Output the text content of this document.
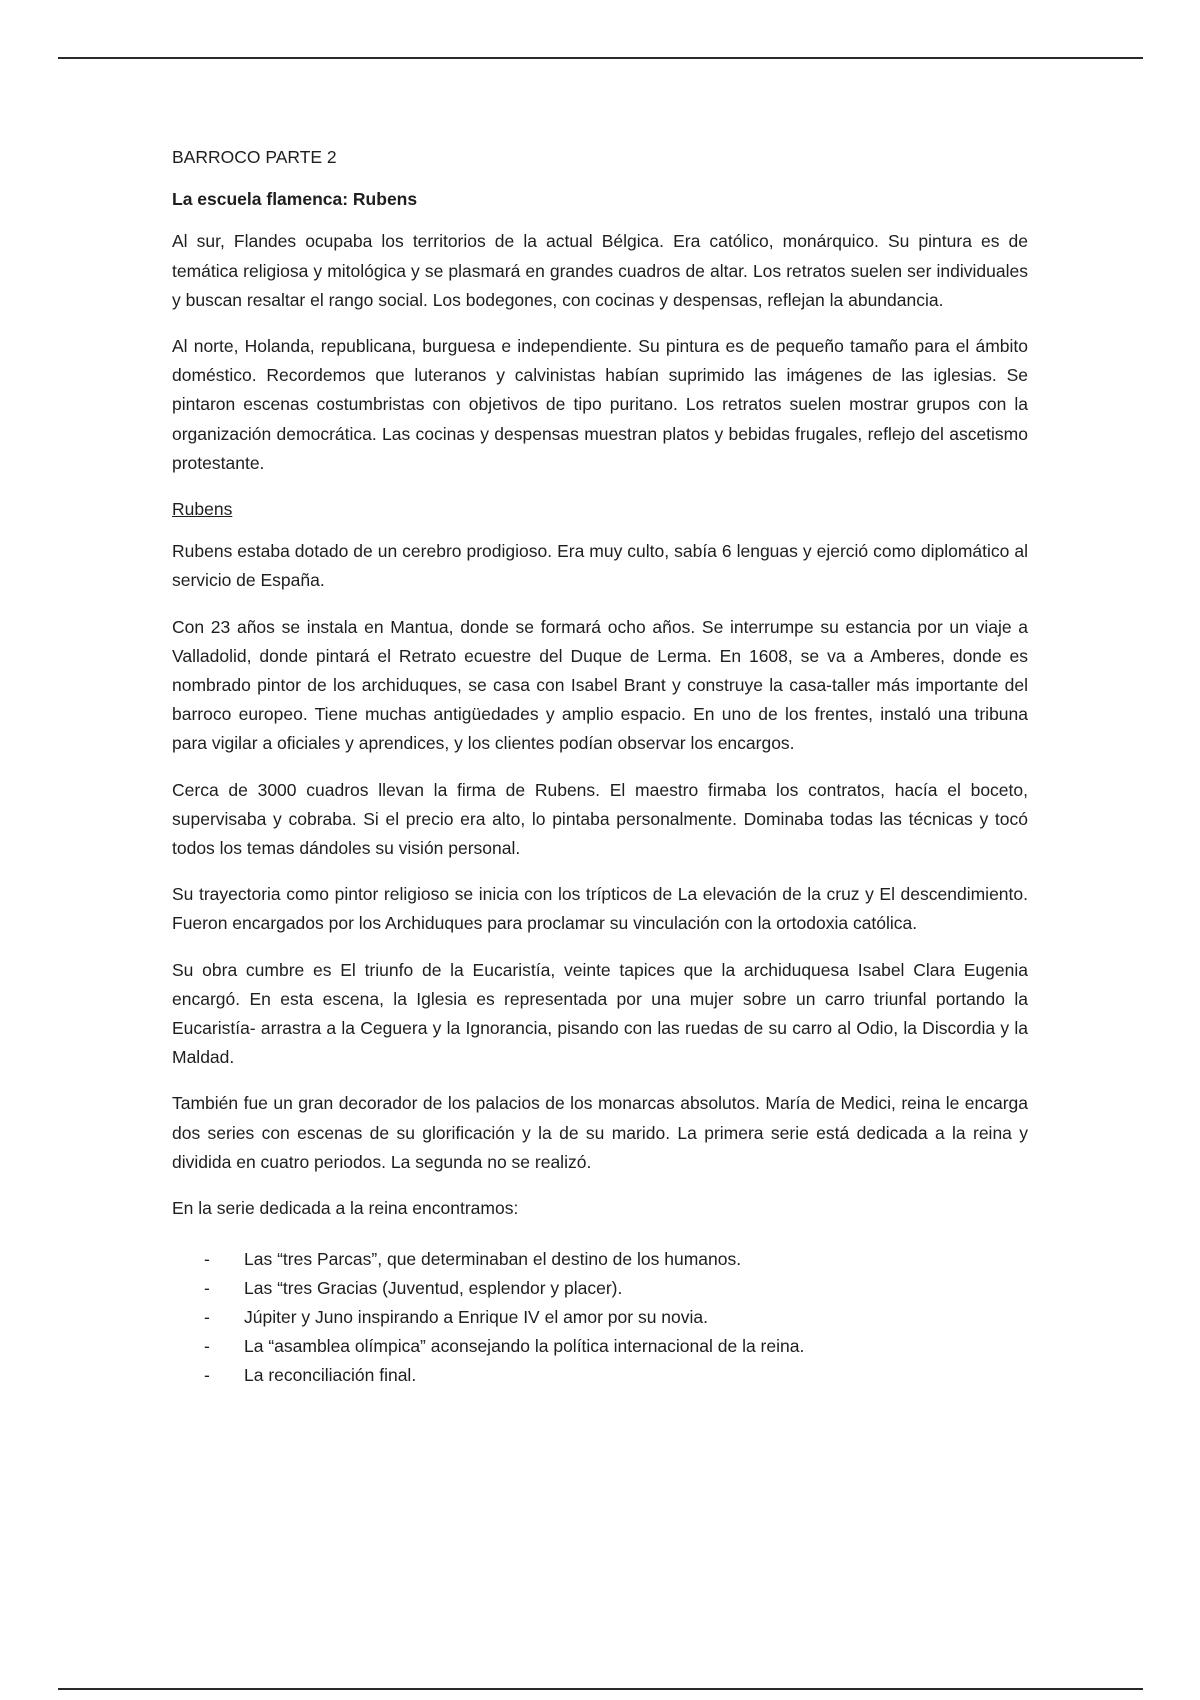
BARROCO PARTE 2
La escuela flamenca: Rubens

Al sur, Flandes ocupaba los territorios de la actual Bélgica. Era católico, monárquico. Su pintura es de temática religiosa y mitológica y se plasmará en grandes cuadros de altar. Los retratos suelen ser individuales y buscan resaltar el rango social. Los bodegones, con cocinas y despensas, reflejan la abundancia.

Al norte, Holanda, republicana, burguesa e independiente. Su pintura es de pequeño tamaño para el ámbito doméstico. Recordemos que luteranos y calvinistas habían suprimido las imágenes de las iglesias. Se pintaron escenas costumbristas con objetivos de tipo puritano. Los retratos suelen mostrar grupos con la organización democrática. Las cocinas y despensas muestran platos y bebidas frugales, reflejo del ascetismo protestante.

Rubens

Rubens estaba dotado de un cerebro prodigioso. Era muy culto, sabía 6 lenguas y ejerció como diplomático al servicio de España.

Con 23 años se instala en Mantua, donde se formará ocho años. Se interrumpe su estancia por un viaje a Valladolid, donde pintará el Retrato ecuestre del Duque de Lerma. En 1608, se va a Amberes, donde es nombrado pintor de los archiduques, se casa con Isabel Brant y construye la casa-taller más importante del barroco europeo. Tiene muchas antigüedades y amplio espacio. En uno de los frentes, instaló una tribuna para vigilar a oficiales y aprendices, y los clientes podían observar los encargos.

Cerca de 3000 cuadros llevan la firma de Rubens. El maestro firmaba los contratos, hacía el boceto, supervisaba y cobraba. Si el precio era alto, lo pintaba personalmente. Dominaba todas las técnicas y tocó todos los temas dándoles su visión personal.

Su trayectoria como pintor religioso se inicia con los trípticos de La elevación de la cruz y El descendimiento. Fueron encargados por los Archiduques para proclamar su vinculación con la ortodoxia católica.

Su obra cumbre es El triunfo de la Eucaristía, veinte tapices que la archiduquesa Isabel Clara Eugenia encargó. En esta escena, la Iglesia es representada por una mujer sobre un carro triunfal portando la Eucaristía- arrastra a la Ceguera y la Ignorancia, pisando con las ruedas de su carro al Odio, la Discordia y la Maldad.

También fue un gran decorador de los palacios de los monarcas absolutos. María de Medici, reina le encarga dos series con escenas de su glorificación y la de su marido. La primera serie está dedicada a la reina y dividida en cuatro periodos. La segunda no se realizó.

En la serie dedicada a la reina encontramos:

- Las “tres Parcas”, que determinaban el destino de los humanos.
- Las “tres Gracias (Juventud, esplendor y placer).
- Júpiter y Juno inspirando a Enrique IV el amor por su novia.
- La “asamblea olímpica” aconsejando la política internacional de la reina.
- La reconciliación final.
